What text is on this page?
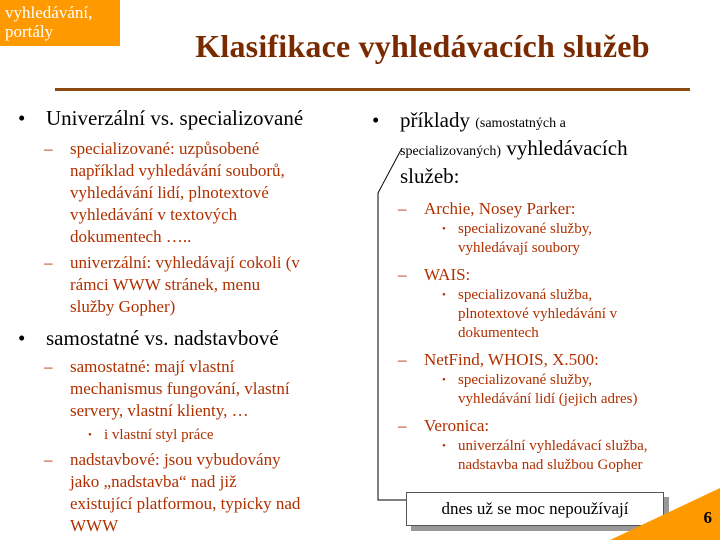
vyhledávání,
portály	Klasifikace vyhledávacích služeb
• Univerzální vs. specializované
– specializované: uzpůsobené
například vyhledávání souborů,
vyhledávání lidí, plnotextové
vyhledávání v textových
dokumentech …..
– univerzální: vyhledávají cokoli (v
rámci WWW stránek, menu
služby Gopher)
• samostatné vs. nadstavbové
– samostatné: mají vlastní
mechanismus fungování, vlastní
servery, vlastní klienty, …
• i vlastní styl práce
– nadstavbové: jsou vybudovány
jako „nadstavba“ nad již
existující platformou, typicky nad
WWW
• příklady (samostatných a
specializovaných) vyhledávacích
služeb:
– Archie, Nosey Parker:
• specializované služby,
vyhledávají soubory
– WAIS:
• specializovaná služba,
plnotextové vyhledávání v
dokumentech
– NetFind, WHOIS, X.500:
• specializované služby,
vyhledávání lidí (jejich adres)
– Veronica:
• univerzální vyhledávací služba,
nadstavba nad službou Gopher
dnes už se moc nepoužívají	6
